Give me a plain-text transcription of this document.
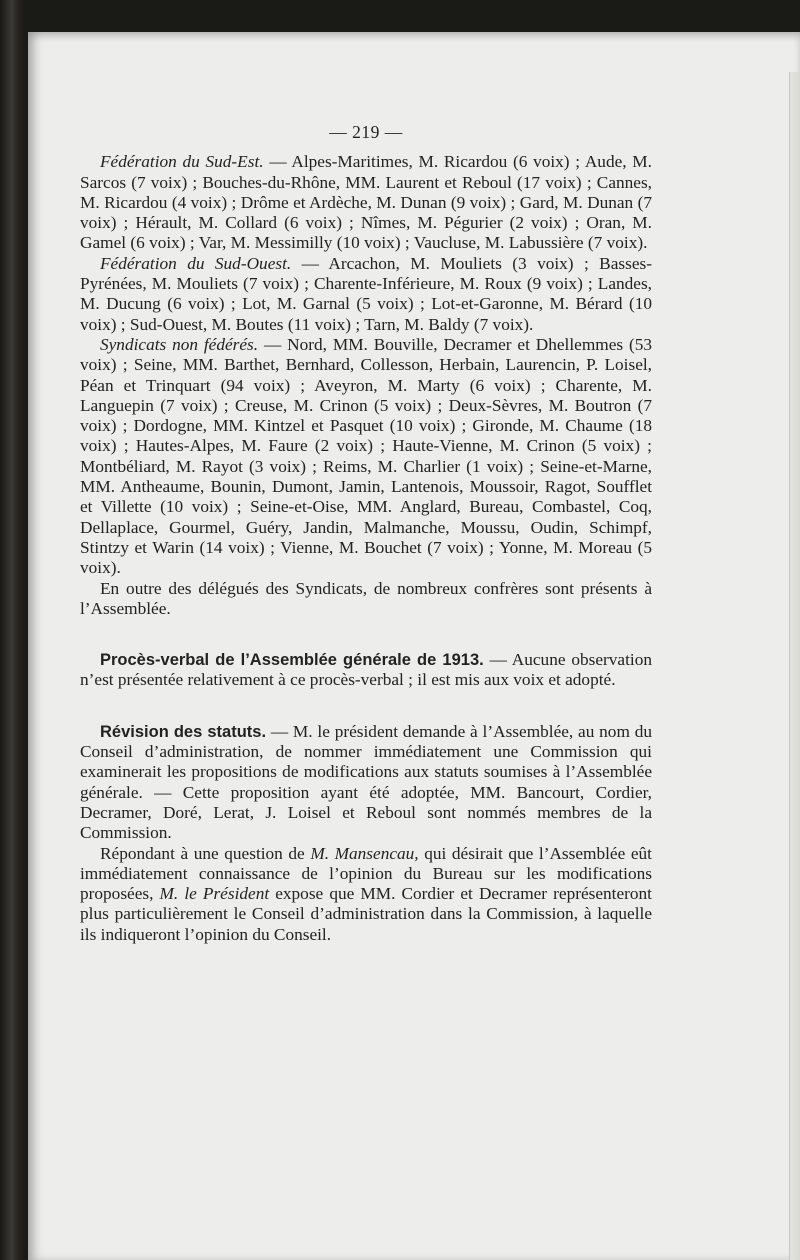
— 219 —

Fédération du Sud-Est. — Alpes-Maritimes, M. Ricardou (6 voix) ; Aude, M. Sarcos (7 voix) ; Bouches-du-Rhône, MM. Laurent et Reboul (17 voix) ; Cannes, M. Ricardou (4 voix) ; Drôme et Ardèche, M. Dunan (9 voix) ; Gard, M. Dunan (7 voix) ; Hérault, M. Collard (6 voix) ; Nîmes, M. Pégurier (2 voix) ; Oran, M. Gamel (6 voix) ; Var, M. Messimilly (10 voix) ; Vaucluse, M. Labussière (7 voix).

Fédération du Sud-Ouest. — Arcachon, M. Mouliets (3 voix) ; Basses-Pyrénées, M. Mouliets (7 voix) ; Charente-Inférieure, M. Roux (9 voix) ; Landes, M. Ducung (6 voix) ; Lot, M. Garnal (5 voix) ; Lot-et-Garonne, M. Bérard (10 voix) ; Sud-Ouest, M. Boutes (11 voix) ; Tarn, M. Baldy (7 voix).

Syndicats non fédérés. — Nord, MM. Bouville, Decramer et Dhellemmes (53 voix) ; Seine, MM. Barthet, Bernhard, Collesson, Herbain, Laurencin, P. Loisel, Péan et Trinquart (94 voix) ; Aveyron, M. Marty (6 voix) ; Charente, M. Languepin (7 voix) ; Creuse, M. Crinon (5 voix) ; Deux-Sèvres, M. Boutron (7 voix) ; Dordogne, MM. Kintzel et Pasquet (10 voix) ; Gironde, M. Chaume (18 voix) ; Hautes-Alpes, M. Faure (2 voix) ; Haute-Vienne, M. Crinon (5 voix) ; Montbéliard, M. Rayot (3 voix) ; Reims, M. Charlier (1 voix) ; Seine-et-Marne, MM. Antheaume, Bounin, Dumont, Jamin, Lantenois, Moussoir, Ragot, Soufflet et Villette (10 voix) ; Seine-et-Oise, MM. Anglard, Bureau, Combastel, Coq, Dellaplace, Gourmel, Guéry, Jandin, Malmanche, Moussu, Oudin, Schimpf, Stintzy et Warin (14 voix) ; Vienne, M. Bouchet (7 voix) ; Yonne, M. Moreau (5 voix).

En outre des délégués des Syndicats, de nombreux confrères sont présents à l’Assemblée.

Procès-verbal de l’Assemblée générale de 1913. — Aucune observation n’est présentée relativement à ce procès-verbal ; il est mis aux voix et adopté.

Révision des statuts. — M. le président demande à l’Assemblée, au nom du Conseil d’administration, de nommer immédiatement une Commission qui examinerait les propositions de modifications aux statuts soumises à l’Assemblée générale. — Cette proposition ayant été adoptée, MM. Bancourt, Cordier, Decramer, Doré, Lerat, J. Loisel et Reboul sont nommés membres de la Commission.

Répondant à une question de M. Mansencau, qui désirait que l’Assemblée eût immédiatement connaissance de l’opinion du Bureau sur les modifications proposées, M. le Président expose que MM. Cordier et Decramer représenteront plus particulièrement le Conseil d’administration dans la Commission, à laquelle ils indiqueront l’opinion du Conseil.
